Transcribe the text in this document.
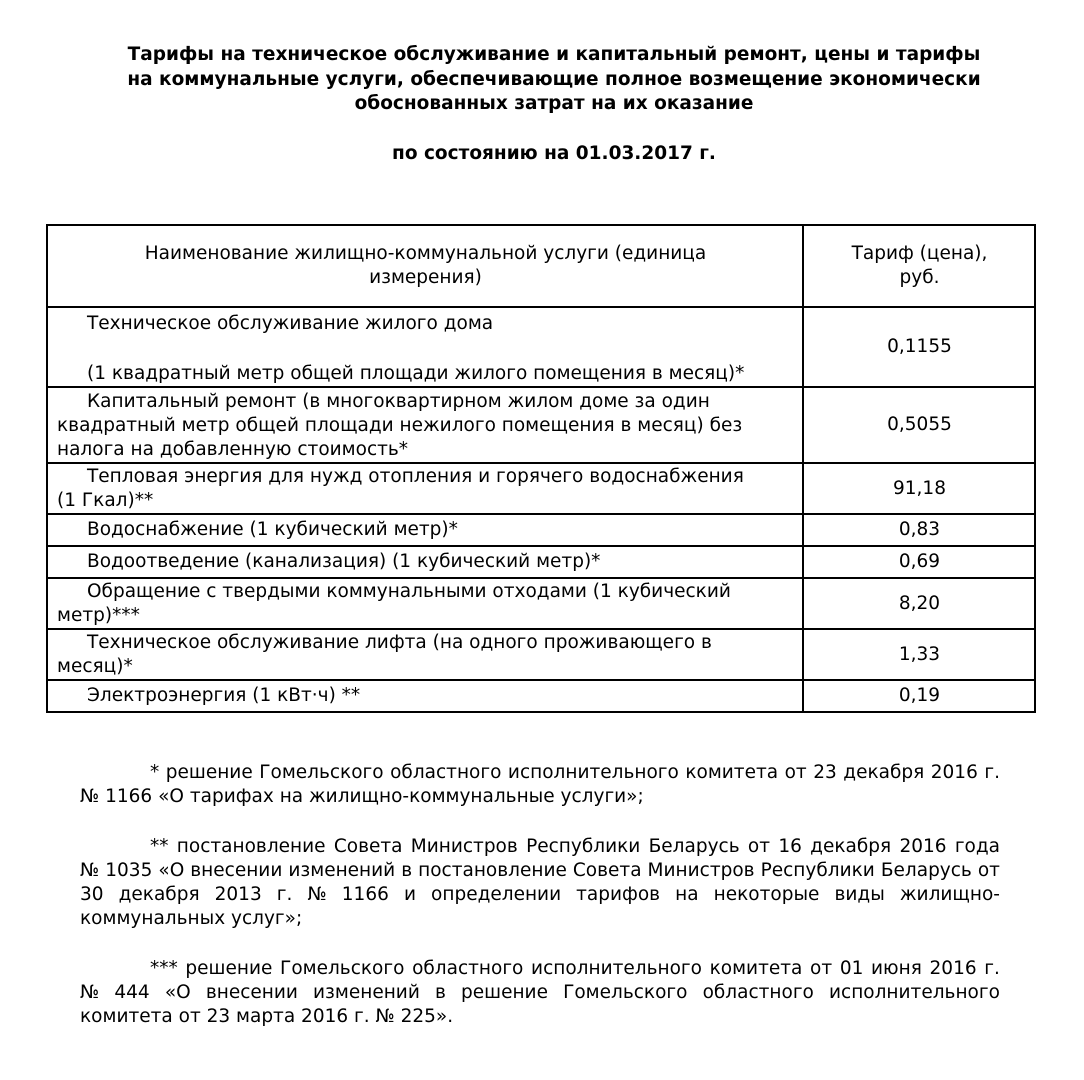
Тарифы на техническое обслуживание и капитальный ремонт, цены и тарифы
на коммунальные услуги, обеспечивающие полное возмещение экономически
обоснованных затрат на их оказание
по состоянию на 01.03.2017 г.
Наименование жилищно-коммунальной услуги (единица
измерения)	Тариф (цена),
руб.

Техническое обслуживание жилого дома
(1 квадратный метр общей площади жилого помещения в месяц)*	0,1155

Капитальный ремонт (в многоквартирном жилом доме за один
квадратный метр общей площади нежилого помещения в месяц) без
налога на добавленную стоимость*	0,5055

Тепловая энергия для нужд отопления и горячего водоснабжения
(1 Гкал)**	91,18

Водоснабжение (1 кубический метр)*	0,83

Водоотведение (канализация) (1 кубический метр)*	0,69

Обращение с твердыми коммунальными отходами (1 кубический
метр)***	8,20

Техническое обслуживание лифта (на одного проживающего в
месяц)*	1,33

Электроэнергия (1 кВт·ч) **	0,19
* решение Гомельского областного исполнительного комитета от 23 декабря 2016 г.
№ 1166 «О тарифах на жилищно-коммунальные услуги»;
** постановление Совета Министров Республики Беларусь от 16 декабря 2016 года
№ 1035 «О внесении изменений в постановление Совета Министров Республики Беларусь от
30 декабря 2013 г. № 1166 и определении тарифов на некоторые виды жилищно-
коммунальных услуг»;
*** решение Гомельского областного исполнительного комитета от 01 июня 2016 г.
№ 444 «О внесении изменений в решение Гомельского областного исполнительного
комитета от 23 марта 2016 г. № 225».
